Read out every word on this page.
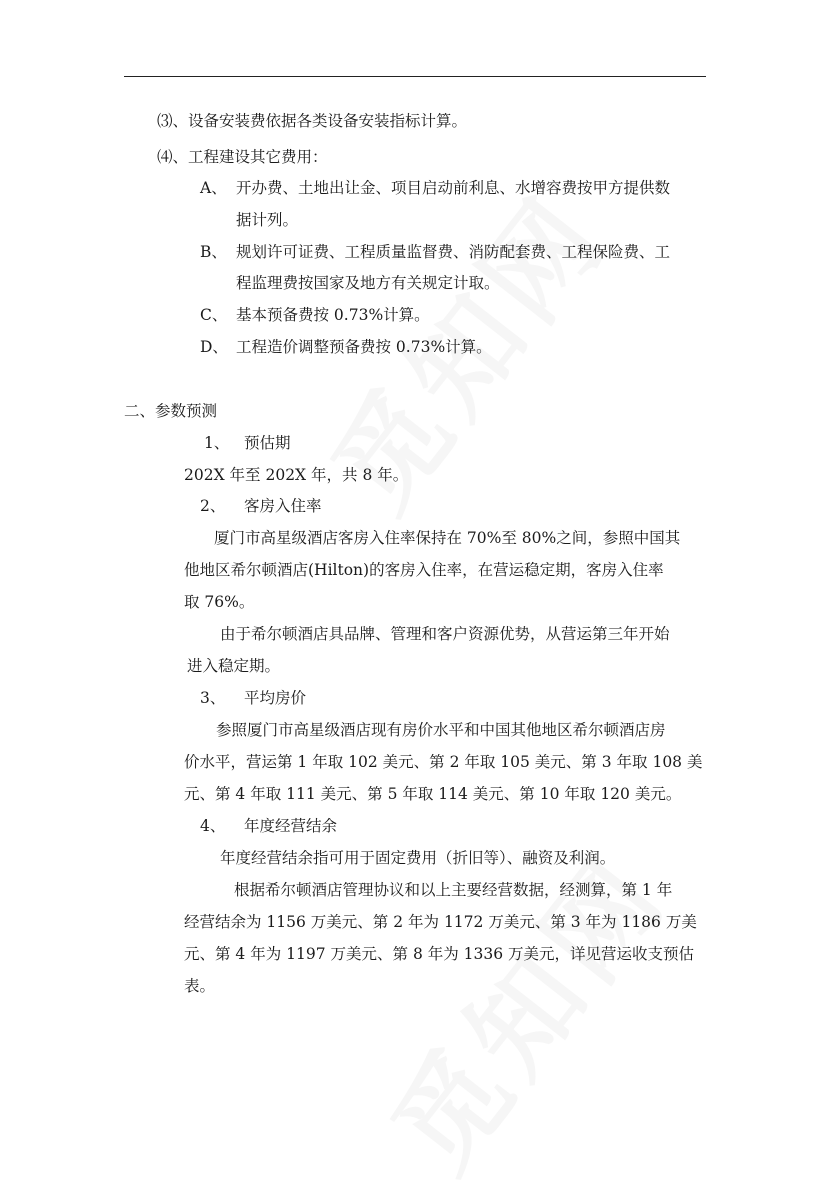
⑶、设备安装费依据各类设备安装指标计算。
⑷、工程建设其它费用：
A、 开办费、土地出让金、项目启动前利息、水增容费按甲方提供数
据计列。
B、 规划许可证费、工程质量监督费、消防配套费、工程保险费、工
程监理费按国家及地方有关规定计取。
C、 基本预备费按 0.73%计算。
D、 工程造价调整预备费按 0.73%计算。
二、参数预测
1、 预估期
202X 年至 202X 年，共 8 年。
2、 客房入住率
厦门市高星级酒店客房入住率保持在 70%至 80%之间，参照中国其
他地区希尔顿酒店(Hilton)的客房入住率，在营运稳定期，客房入住率
取 76%。
由于希尔顿酒店具品牌、管理和客户资源优势，从营运第三年开始
进入稳定期。
3、 平均房价
参照厦门市高星级酒店现有房价水平和中国其他地区希尔顿酒店房
价水平，营运第 1 年取 102 美元、第 2 年取 105 美元、第 3 年取 108 美
元、第 4 年取 111 美元、第 5 年取 114 美元、第 10 年取 120 美元。
4、 年度经营结余
年度经营结余指可用于固定费用（折旧等）、融资及利润。
根据希尔顿酒店管理协议和以上主要经营数据，经测算，第 1 年
经营结余为 1156 万美元、第 2 年为 1172 万美元、第 3 年为 1186 万美
元、第 4 年为 1197 万美元、第 8 年为 1336 万美元，详见营运收支预估
表。
